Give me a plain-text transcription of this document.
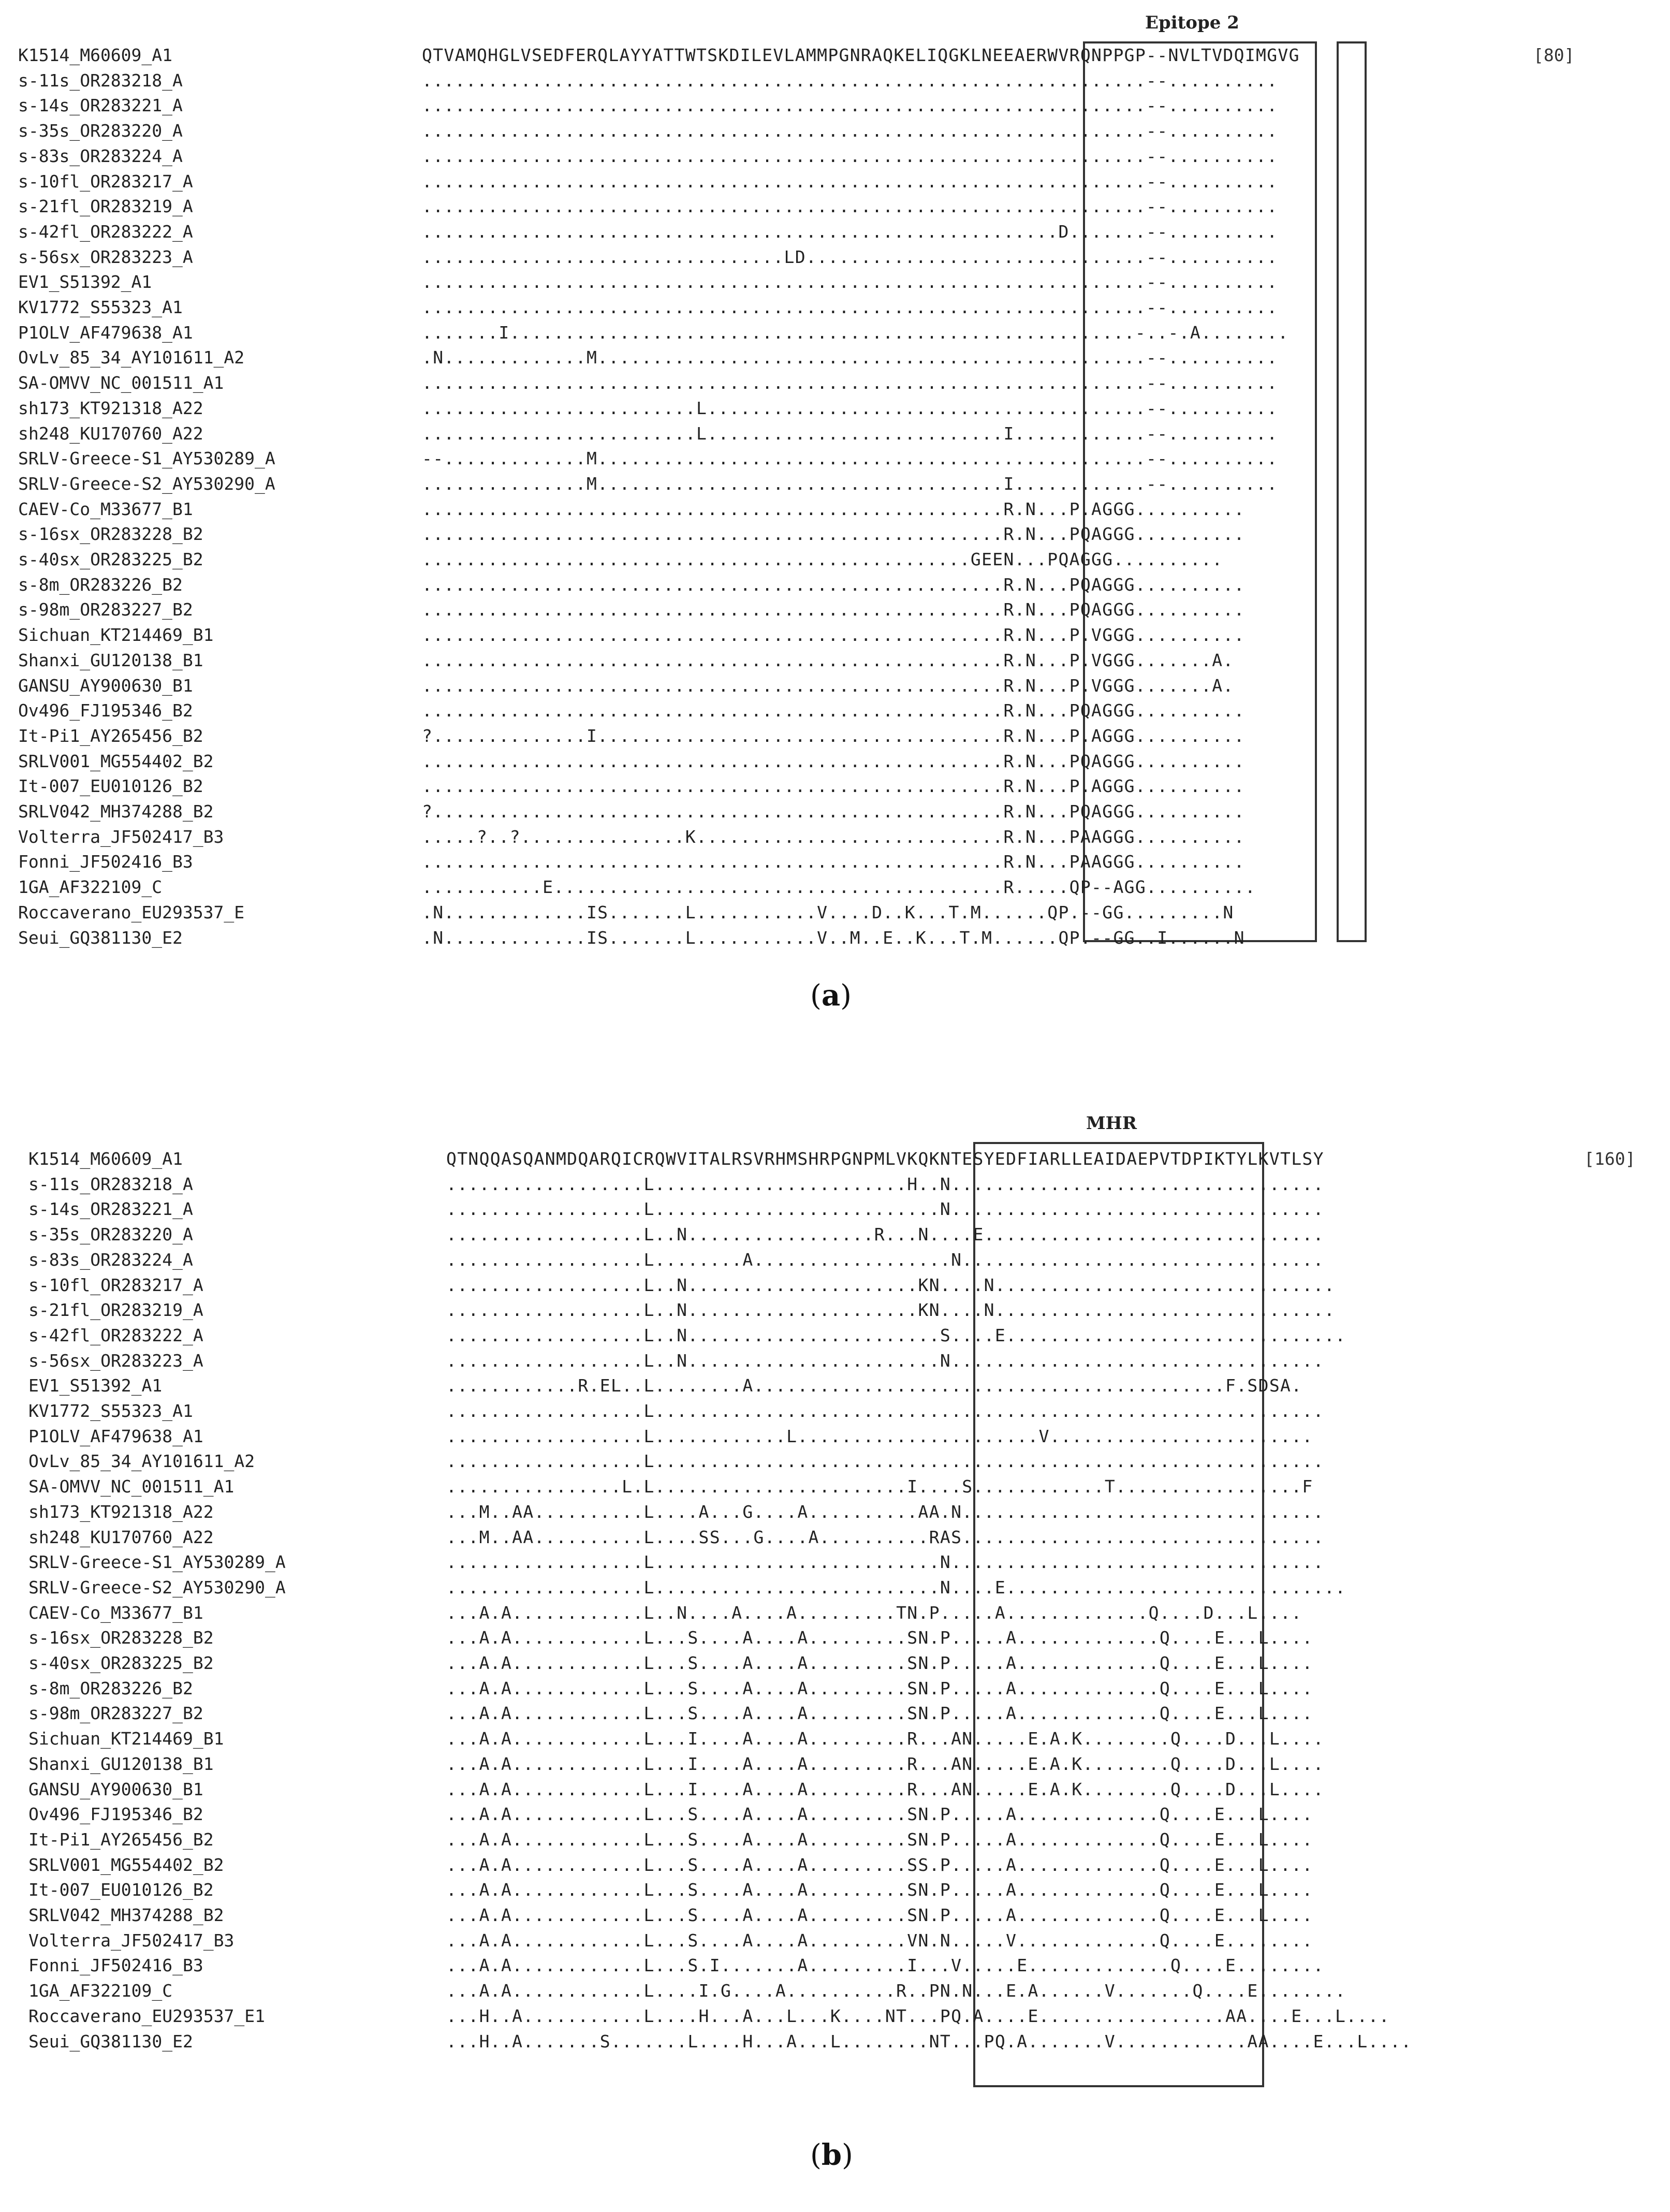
Epitope 2
K1514_M60609_A1	QTVAMQHGLVSEDFERQLAYYATTWTSKDILEVLAMMPGNRAQKELIQGKLNEEAERWVRQNPPGP--NVLTVDQIMGVG
s-11s_OR283218_A	..................................................................--..........
s-14s_OR283221_A	..................................................................--..........
s-35s_OR283220_A	..................................................................--..........
s-83s_OR283224_A	..................................................................--..........
s-10fl_OR283217_A	..................................................................--..........
s-21fl_OR283219_A	..................................................................--..........
s-42fl_OR283222_A	..........................................................D.......--..........
s-56sx_OR283223_A	.................................LD...............................--..........
EV1_S51392_A1	..................................................................--..........
KV1772_S55323_A1	..................................................................--..........
P1OLV_AF479638_A1	.......I.........................................................-..-.A........
OvLv_85_34_AY101611_A2	.N.............M..................................................--..........
SA-OMVV_NC_001511_A1	..................................................................--..........
sh173_KT921318_A22	.........................L........................................--..........
sh248_KU170760_A22	.........................L...........................I............--..........
SRLV-Greece-S1_AY530289_A	--.............M..................................................--..........
SRLV-Greece-S2_AY530290_A	...............M.....................................I............--..........
CAEV-Co_M33677_B1	.....................................................R.N...P.AGGG..........
s-16sx_OR283228_B2	.....................................................R.N...PQAGGG..........
s-40sx_OR283225_B2	..................................................GEEN...PQAGGG..........
s-8m_OR283226_B2	.....................................................R.N...PQAGGG..........
s-98m_OR283227_B2	.....................................................R.N...PQAGGG..........
Sichuan_KT214469_B1	.....................................................R.N...P.VGGG..........
Shanxi_GU120138_B1	.....................................................R.N...P.VGGG.......A.
GANSU_AY900630_B1	.....................................................R.N...P.VGGG.......A.
Ov496_FJ195346_B2	.....................................................R.N...PQAGGG..........
It-Pi1_AY265456_B2	?..............I.....................................R.N...P.AGGG..........
SRLV001_MG554402_B2	.....................................................R.N...PQAGGG..........
It-007_EU010126_B2	.....................................................R.N...P.AGGG..........
SRLV042_MH374288_B2	?....................................................R.N...PQAGGG..........
Volterra_JF502417_B3	.....?..?...............K............................R.N...PAAGGG..........
Fonni_JF502416_B3	.....................................................R.N...PAAGGG..........
1GA_AF322109_C	...........E.........................................R.....QP--AGG..........
Roccaverano_EU293537_E	.N.............IS.......L...........V....D..K...T.M......QP.--GG.........N
Seui_GQ381130_E2	.N.............IS.......L...........V..M..E..K...T.M......QP.--GG..I......N
[80]
(a)
MHR
K1514_M60609_A1	QTNQQASQANMDQARQICRQWVITALRSVRHMSHRPGNPMLVKQKNTESYEDFIARLLEAIDAEPVTDPIKTYLKVTLSY
s-11s_OR283218_A	..................L.......................H..N..................................
s-14s_OR283221_A	..................L..........................N..................................
s-35s_OR283220_A	..................L..N.................R...N....E...............................
s-83s_OR283224_A	..................L........A..................N.................................
s-10fl_OR283217_A	..................L..N.....................KN....N...............................
s-21fl_OR283219_A	..................L..N.....................KN....N...............................
s-42fl_OR283222_A	..................L..N.......................S....E...............................
s-56sx_OR283223_A	..................L..N.......................N..................................
EV1_S51392_A1	............R.EL..L........A...........................................F.SDSA.
KV1772_S55323_A1	..................L.............................................................
P1OLV_AF479638_A1	..................L............L......................V........................
OvLv_85_34_AY101611_A2	..................L.............................................................
SA-OMVV_NC_001511_A1	................L.L.......................I....S............T.................F
sh173_KT921318_A22	...M..AA..........L....A...G....A..........AA.N.................................
sh248_KU170760_A22	...M..AA..........L....SS...G....A..........RAS.................................
SRLV-Greece-S1_AY530289_A	..................L..........................N..................................
SRLV-Greece-S2_AY530290_A	..................L..........................N....E...............................
CAEV-Co_M33677_B1	...A.A............L..N....A....A.........TN.P.....A.............Q....D...L....
s-16sx_OR283228_B2	...A.A............L...S....A....A.........SN.P.....A.............Q....E...L....
s-40sx_OR283225_B2	...A.A............L...S....A....A.........SN.P.....A.............Q....E...L....
s-8m_OR283226_B2	...A.A............L...S....A....A.........SN.P.....A.............Q....E...L....
s-98m_OR283227_B2	...A.A............L...S....A....A.........SN.P.....A.............Q....E...L....
Sichuan_KT214469_B1	...A.A............L...I....A....A.........R...AN.....E.A.K........Q....D...L....
Shanxi_GU120138_B1	...A.A............L...I....A....A.........R...AN.....E.A.K........Q....D...L....
GANSU_AY900630_B1	...A.A............L...I....A....A.........R...AN.....E.A.K........Q....D...L....
Ov496_FJ195346_B2	...A.A............L...S....A....A.........SN.P.....A.............Q....E...L....
It-Pi1_AY265456_B2	...A.A............L...S....A....A.........SN.P.....A.............Q....E...L....
SRLV001_MG554402_B2	...A.A............L...S....A....A.........SS.P.....A.............Q....E...L....
It-007_EU010126_B2	...A.A............L...S....A....A.........SN.P.....A.............Q....E...L....
SRLV042_MH374288_B2	...A.A............L...S....A....A.........SN.P.....A.............Q....E...L....
Volterra_JF502417_B3	...A.A............L...S....A....A.........VN.N.....V.............Q....E........
Fonni_JF502416_B3	...A.A............L...S.I.......A.........I...V.....E.............Q....E........
1GA_AF322109_C	...A.A............L....I.G....A..........R..PN.N...E.A......V.......Q....E........
Roccaverano_EU293537_E1	...H..A...........L....H...A...L...K....NT...PQ.A....E.................AA....E...L....
Seui_GQ381130_E2	...H..A.......S.......L....H...A...L........NT...PQ.A.......V............AA....E...L....
[160]
(b)
